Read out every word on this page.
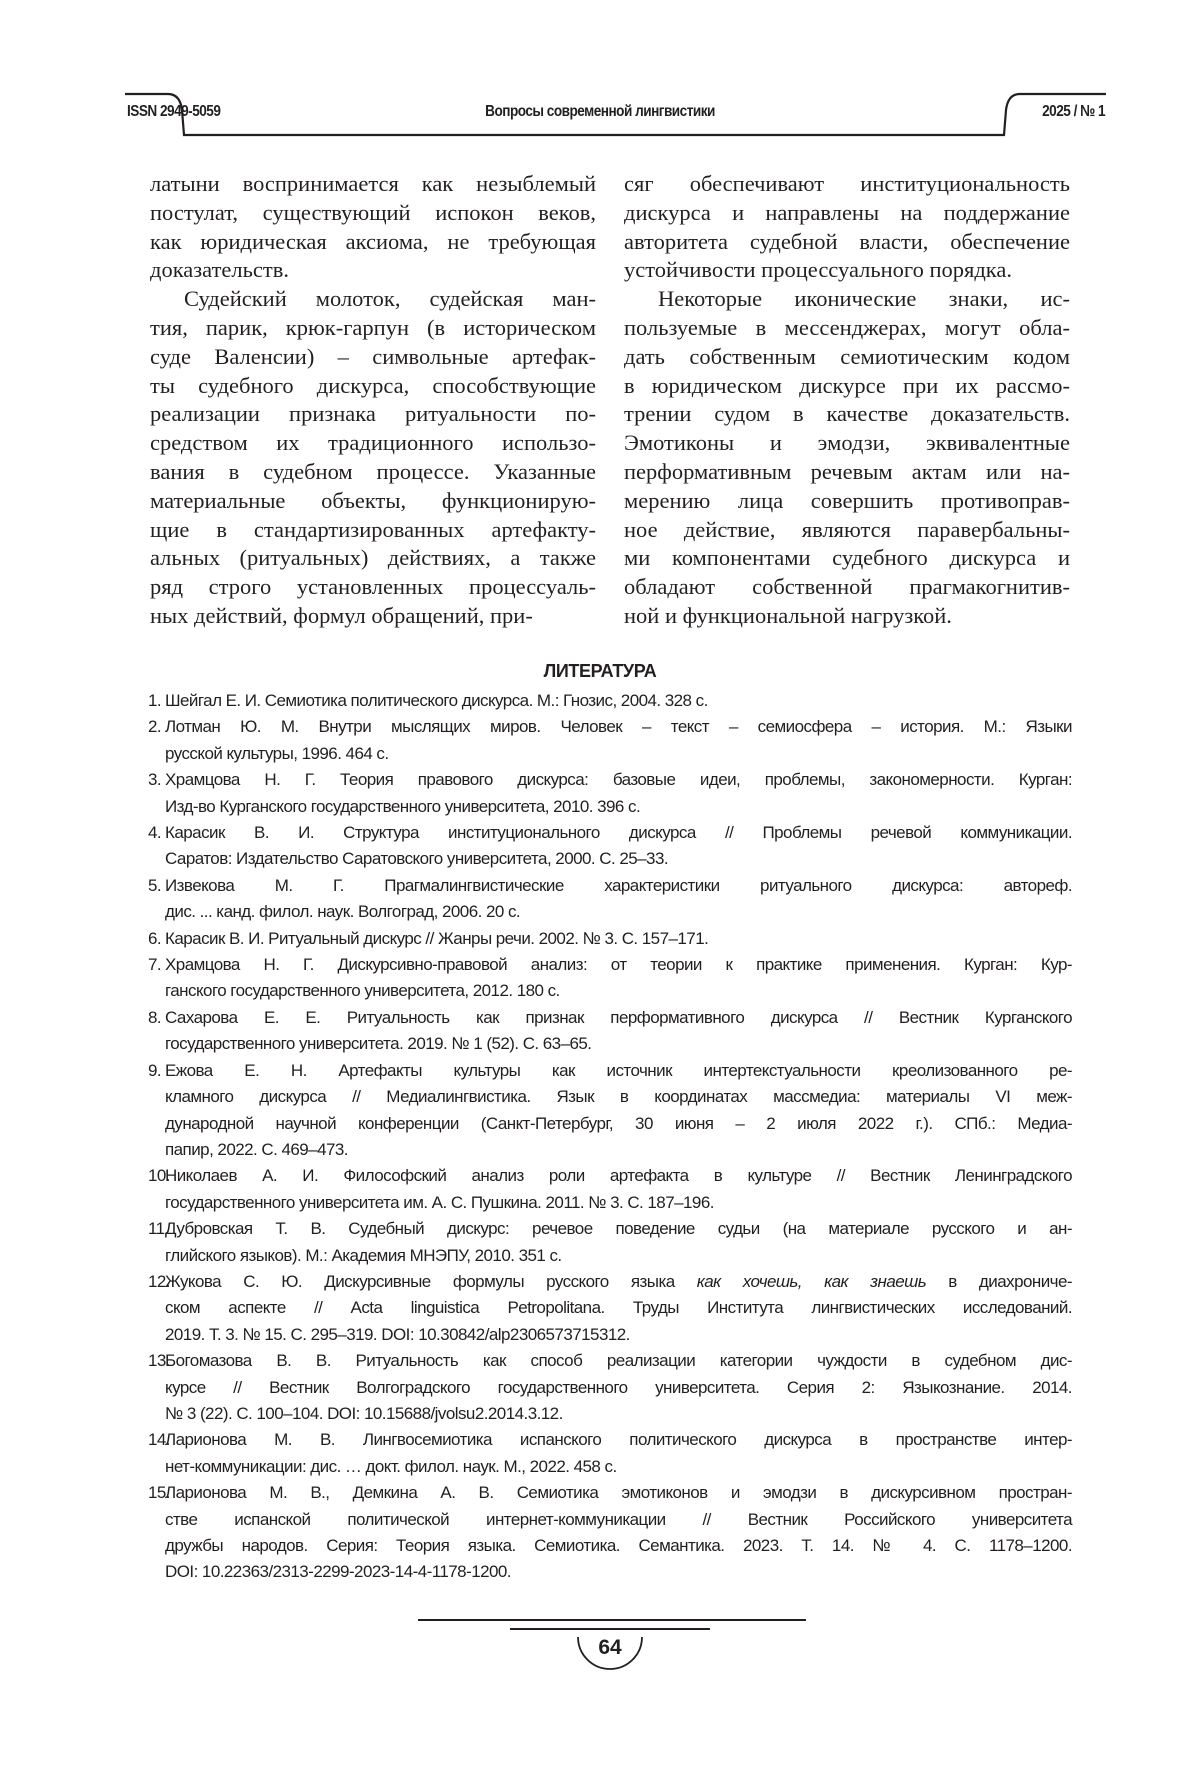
ISSN 2949-5059	Вопросы современной лингвистики	2025 / № 1
латыни воспринимается как незыблемый
постулат, существующий испокон веков,
как юридическая аксиома, не требующая
доказательств.
Судейский молоток, судейская ман-
тия, парик, крюк-гарпун (в историческом
суде Валенсии) – символьные артефак-
ты судебного дискурса, способствующие
реализации признака ритуальности по-
средством их традиционного использо-
вания в судебном процессе. Указанные
материальные объекты, функционирую-
щие в стандартизированных артефакту-
альных (ритуальных) действиях, а также
ряд строго установленных процессуаль-
ных действий, формул обращений, при-
сяг обеспечивают институциональность
дискурса и направлены на поддержание
авторитета судебной власти, обеспечение
устойчивости процессуального порядка.
Некоторые иконические знаки, ис-
пользуемые в мессенджерах, могут обла-
дать собственным семиотическим кодом
в юридическом дискурсе при их рассмо-
трении судом в качестве доказательств.
Эмотиконы и эмодзи, эквивалентные
перформативным речевым актам или на-
мерению лица совершить противоправ-
ное действие, являются паравербальны-
ми компонентами судебного дискурса и
обладают собственной прагмакогнитив-
ной и функциональной нагрузкой.
ЛИТЕРАТУРА
1. Шейгал Е. И. Семиотика политического дискурса. М.: Гнозис, 2004. 328 с.
2. Лотман Ю. М. Внутри мыслящих миров. Человек – текст – семиосфера – история. М.: Языки
русской культуры, 1996. 464 с.
3. Храмцова Н. Г. Теория правового дискурса: базовые идеи, проблемы, закономерности. Курган:
Изд-во Курганского государственного университета, 2010. 396 с.
4. Карасик В. И. Структура институционального дискурса // Проблемы речевой коммуникации.
Саратов: Издательство Саратовского университета, 2000. С. 25–33.
5. Извекова М. Г. Прагмалингвистические характеристики ритуального дискурса: автореф.
дис. ... канд. филол. наук. Волгоград, 2006. 20 с.
6. Карасик В. И. Ритуальный дискурс // Жанры речи. 2002. № 3. С. 157–171.
7. Храмцова Н. Г. Дискурсивно-правовой анализ: от теории к практике применения. Курган: Кур-
ганского государственного университета, 2012. 180 с.
8. Сахарова Е. Е. Ритуальность как признак перформативного дискурса // Вестник Курганского
государственного университета. 2019. № 1 (52). С. 63–65.
9. Ежова Е. Н. Артефакты культуры как источник интертекстуальности креолизованного ре-
кламного дискурса // Медиалингвистика. Язык в координатах массмедиа: материалы VI меж-
дународной научной конференции (Санкт-Петербург, 30 июня – 2 июля 2022 г.). СПб.: Медиа-
папир, 2022. С. 469–473.
10.
Николаев А. И. Философский анализ роли артефакта в культуре // Вестник Ленинградского
государственного университета им. А. С. Пушкина. 2011. № 3. С. 187–196.
11.
Дубровская Т. В. Судебный дискурс: речевое поведение судьи (на материале русского и ан-
глийского языков). М.: Академия МНЭПУ, 2010. 351 с.
12.
Жукова С. Ю. Дискурсивные формулы русского языка как хочешь, как знаешь в диахрониче-
ском аспекте // Acta linguistica Petropolitana. Труды Института лингвистических исследований.
2019. Т. 3. № 15. С. 295–319. DOI: 10.30842/alp2306573715312.
13.
Богомазова В. В. Ритуальность как способ реализации категории чуждости в судебном дис-
курсе // Вестник Волгоградского государственного университета. Серия 2: Языкознание. 2014.
№ 3 (22). С. 100–104. DOI: 10.15688/jvolsu2.2014.3.12.
14.
Ларионова М. В. Лингвосемиотика испанского политического дискурса в пространстве интер-
нет-коммуникации: дис. … докт. филол. наук. М., 2022. 458 с.
15.
Ларионова М. В., Демкина А. В. Семиотика эмотиконов и эмодзи в дискурсивном простран-
стве испанской политической интернет-коммуникации // Вестник Российского университета
дружбы народов. Серия: Теория языка. Семиотика. Семантика. 2023. Т. 14. № 4. С. 1178–1200.
DOI: 10.22363/2313-2299-2023-14-4-1178-1200.
64
